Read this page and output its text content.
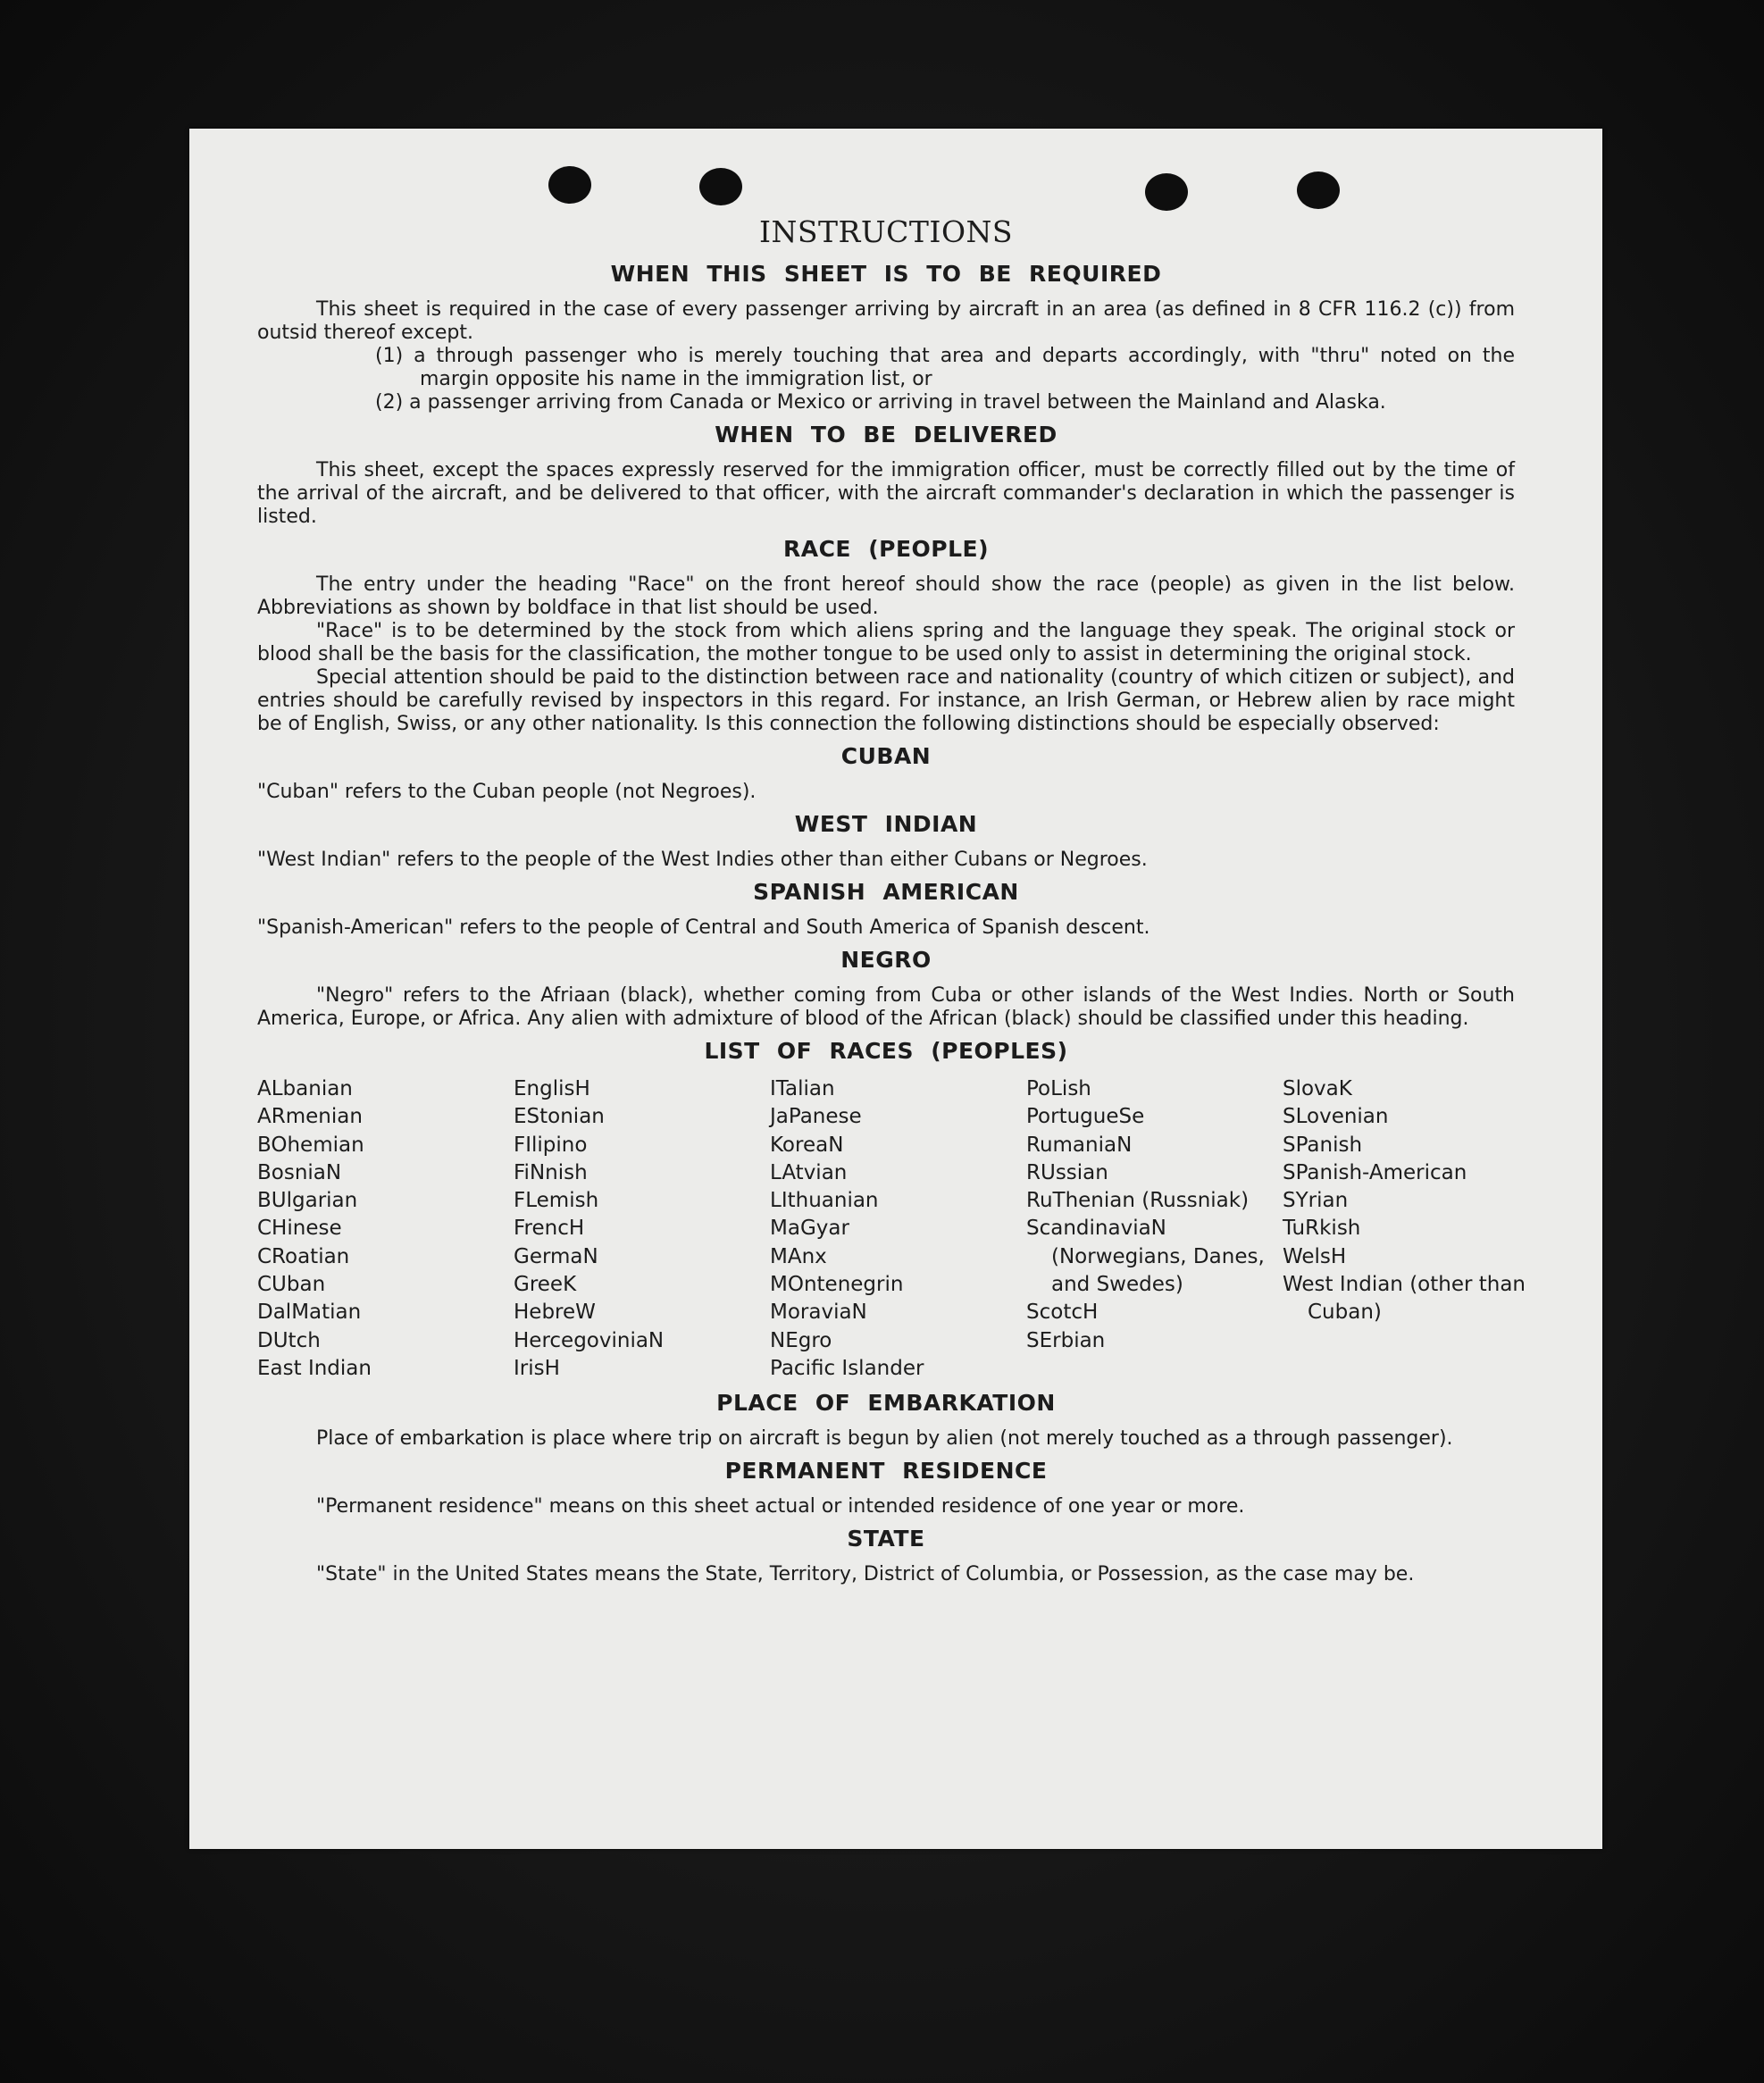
INSTRUCTIONS
WHEN THIS SHEET IS TO BE REQUIRED

This sheet is required in the case of every passenger arriving by aircraft in an area (as defined in 8 CFR 116.2 (c)) from outsid thereof except.

(1) a through passenger who is merely touching that area and departs accordingly, with "thru" noted on the margin opposite his name in the immigration list, or

(2) a passenger arriving from Canada or Mexico or arriving in travel between the Mainland and Alaska.

WHEN TO BE DELIVERED

This sheet, except the spaces expressly reserved for the immigration officer, must be correctly filled out by the time of the arrival of the aircraft, and be delivered to that officer, with the aircraft commander's declaration in which the passenger is listed.

RACE (PEOPLE)

The entry under the heading "Race" on the front hereof should show the race (people) as given in the list below. Abbreviations as shown by boldface in that list should be used.

"Race" is to be determined by the stock from which aliens spring and the language they speak. The original stock or blood shall be the basis for the classification, the mother tongue to be used only to assist in determining the original stock.

Special attention should be paid to the distinction between race and nationality (country of which citizen or subject), and entries should be carefully revised by inspectors in this regard. For instance, an Irish German, or Hebrew alien by race might be of English, Swiss, or any other nationality. Is this connection the following distinctions should be especially observed:

CUBAN

"Cuban" refers to the Cuban people (not Negroes).

WEST INDIAN

"West Indian" refers to the people of the West Indies other than either Cubans or Negroes.

SPANISH AMERICAN

"Spanish-American" refers to the people of Central and South America of Spanish descent.

NEGRO

"Negro" refers to the Afriaan (black), whether coming from Cuba or other islands of the West Indies. North or South America, Europe, or Africa. Any alien with admixture of blood of the African (black) should be classified under this heading.

LIST OF RACES (PEOPLES)
ALbanian
ARmenian
BOhemian
BosniaN
BUlgarian
CHinese
CRoatian
CUban
DalMatian
DUtch
East Indian
EnglisH
EStonian
FIlipino
FiNnish
FLemish
FrencH
GermaN
GreeK
HebreW
HercegoviniaN
IrisH
ITalian
JaPanese
KoreaN
LAtvian
LIthuanian
MaGyar
MAnx
MOntenegrin
MoraviaN
NEgro
Pacific Islander
PoLish
PortugueSe
RumaniaN
RUssian
RuThenian (Russniak)
ScandinaviaN (Norwegians, Danes, and Swedes)
ScotcH
SErbian
SlovaK
SLovenian
SPanish
SPanish-American
SYrian
TuRkish
WelsH
West Indian (other than Cuban)
PLACE OF EMBARKATION

Place of embarkation is place where trip on aircraft is begun by alien (not merely touched as a through passenger).

PERMANENT RESIDENCE

"Permanent residence" means on this sheet actual or intended residence of one year or more.

STATE

"State" in the United States means the State, Territory, District of Columbia, or Possession, as the case may be.
